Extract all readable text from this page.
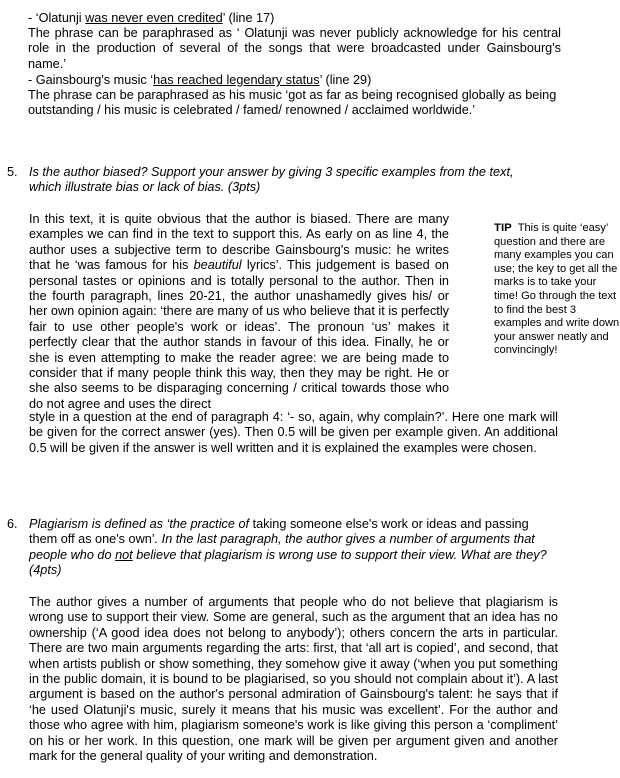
- ‘Olatunji was never even credited’ (line 17)
The phrase can be paraphrased as ‘ Olatunji was never publicly acknowledge for his central role in the production of several of the songs that were broadcasted under Gainsbourg's name.’
- Gainsbourg's music ‘has reached legendary status’ (line 29)
The phrase can be paraphrased as his music ‘got as far as being recognised globally as being outstanding / his music is celebrated / famed/ renowned / acclaimed worldwide.’
5. Is the author biased? Support your answer by giving 3 specific examples from the text, which illustrate bias or lack of bias. (3pts)
In this text, it is quite obvious that the author is biased. There are many examples we can find in the text to support this. As early on as line 4, the author uses a subjective term to describe Gainsbourg's music: he writes that he ‘was famous for his beautiful lyrics’. This judgement is based on personal tastes or opinions and is totally personal to the author. Then in the fourth paragraph, lines 20-21, the author unashamedly gives his/ or her own opinion again: ‘there are many of us who believe that it is perfectly fair to use other people's work or ideas’. The pronoun ‘us’ makes it perfectly clear that the author stands in favour of this idea. Finally, he or she is even attempting to make the reader agree: we are being made to consider that if many people think this way, then they may be right. He or she also seems to be disparaging concerning / critical towards those who do not agree and uses the direct
style in a question at the end of paragraph 4: ‘- so, again, why complain?’. Here one mark will be given for the correct answer (yes). Then 0.5 will be given per example given. An additional 0.5 will be given if the answer is well written and it is explained the examples were chosen.
TIP This is quite ‘easy’ question and there are many examples you can use; the key to get all the marks is to take your time! Go through the text to find the best 3 examples and write down your answer neatly and convincingly!
6. Plagiarism is defined as ‘the practice of taking someone else's work or ideas and passing them off as one's own’. In the last paragraph, the author gives a number of arguments that people who do not believe that plagiarism is wrong use to support their view. What are they? (4pts)
The author gives a number of arguments that people who do not believe that plagiarism is wrong use to support their view. Some are general, such as the argument that an idea has no ownership (‘A good idea does not belong to anybody’); others concern the arts in particular. There are two main arguments regarding the arts: first, that ‘all art is copied’, and second, that when artists publish or show something, they somehow give it away (‘when you put something in the public domain, it is bound to be plagiarised, so you should not complain about it’). A last argument is based on the author's personal admiration of Gainsbourg's talent: he says that if ‘he used Olatunji's music, surely it means that his music was excellent’. For the author and those who agree with him, plagiarism someone's work is like giving this person a ‘compliment’ on his or her work. In this question, one mark will be given per argument given and another mark for the general quality of your writing and demonstration.
